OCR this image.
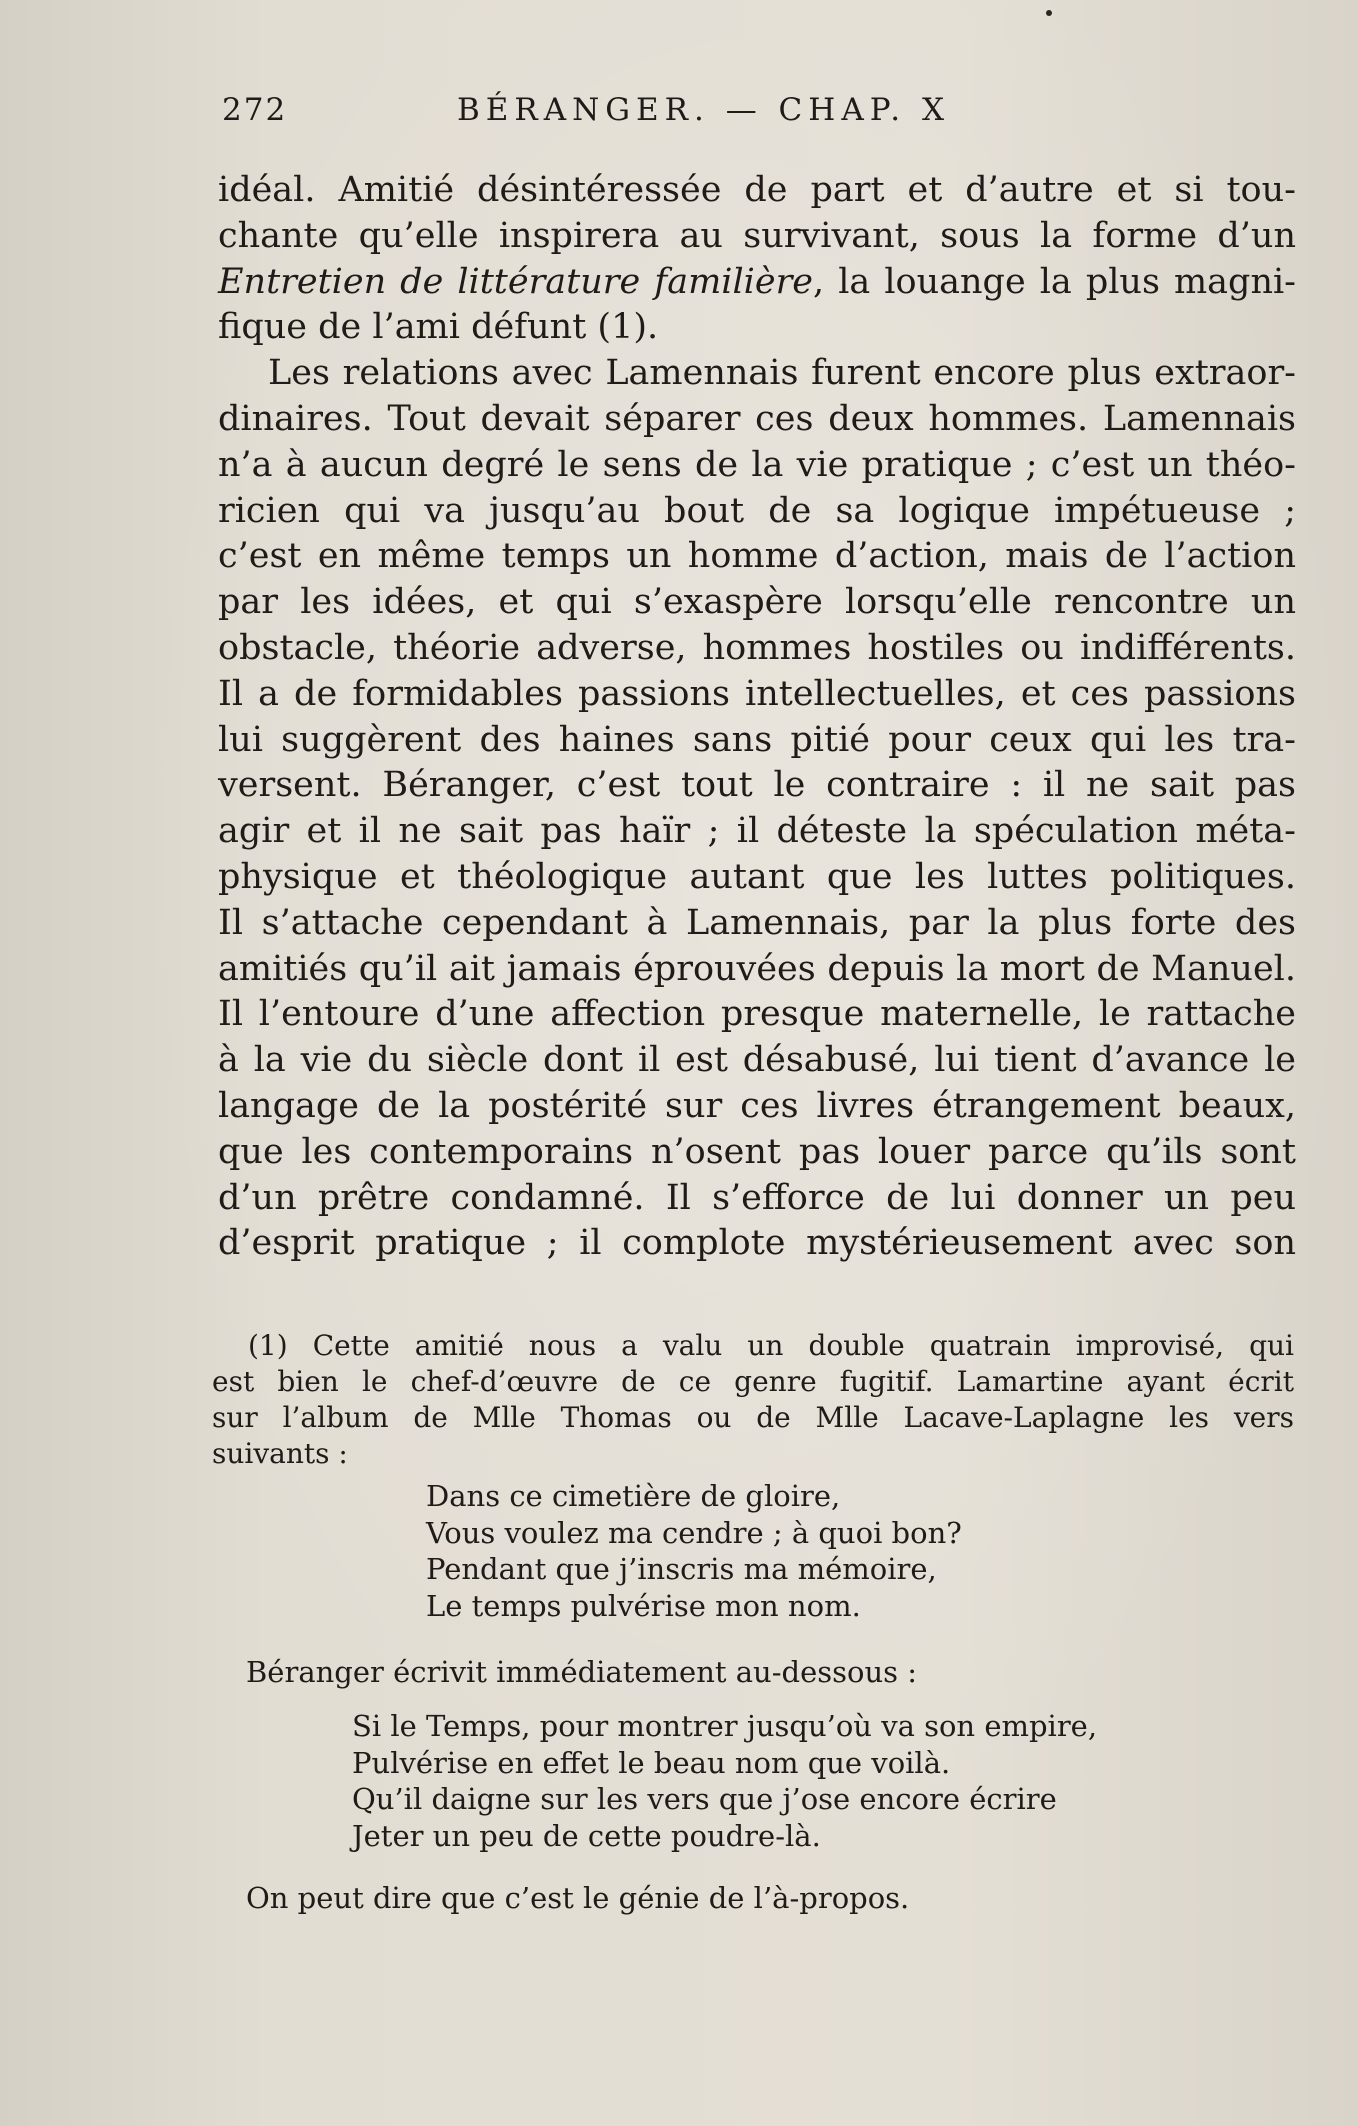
272	BÉRANGER. — CHAP. X
idéal. Amitié désintéressée de part et d’autre et si tou-
chante qu’elle inspirera au survivant, sous la forme d’un
Entretien de littérature familière, la louange la plus magni-
fique de l’ami défunt (1).
Les relations avec Lamennais furent encore plus extraor-
dinaires. Tout devait séparer ces deux hommes. Lamennais
n’a à aucun degré le sens de la vie pratique ; c’est un théo-
ricien qui va jusqu’au bout de sa logique impétueuse ;
c’est en même temps un homme d’action, mais de l’action
par les idées, et qui s’exaspère lorsqu’elle rencontre un
obstacle, théorie adverse, hommes hostiles ou indifférents.
Il a de formidables passions intellectuelles, et ces passions
lui suggèrent des haines sans pitié pour ceux qui les tra-
versent. Béranger, c’est tout le contraire : il ne sait pas
agir et il ne sait pas haïr ; il déteste la spéculation méta-
physique et théologique autant que les luttes politiques.
Il s’attache cependant à Lamennais, par la plus forte des
amitiés qu’il ait jamais éprouvées depuis la mort de Manuel.
Il l’entoure d’une affection presque maternelle, le rattache
à la vie du siècle dont il est désabusé, lui tient d’avance le
langage de la postérité sur ces livres étrangement beaux,
que les contemporains n’osent pas louer parce qu’ils sont
d’un prêtre condamné. Il s’efforce de lui donner un peu
d’esprit pratique ; il complote mystérieusement avec son
(1) Cette amitié nous a valu un double quatrain improvisé, qui
est bien le chef-d’œuvre de ce genre fugitif. Lamartine ayant écrit
sur l’album de Mlle Thomas ou de Mlle Lacave-Laplagne les vers
suivants :
Dans ce cimetière de gloire,
Vous voulez ma cendre ; à quoi bon?
Pendant que j’inscris ma mémoire,
Le temps pulvérise mon nom.
Béranger écrivit immédiatement au-dessous :
Si le Temps, pour montrer jusqu’où va son empire,
Pulvérise en effet le beau nom que voilà.
Qu’il daigne sur les vers que j’ose encore écrire
Jeter un peu de cette poudre-là.
On peut dire que c’est le génie de l’à-propos.
